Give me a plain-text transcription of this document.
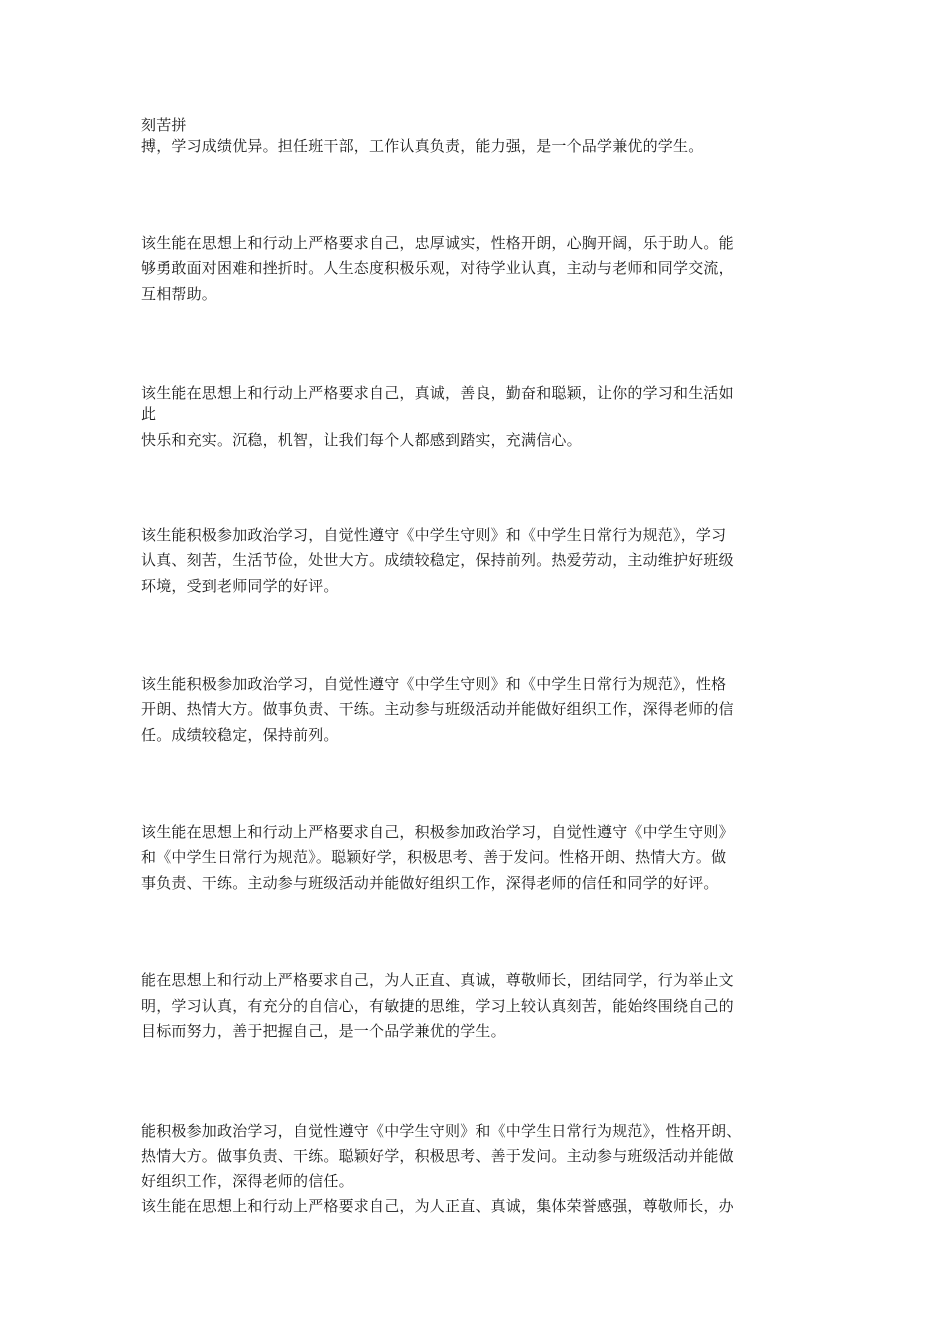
刻苦拼
搏，学习成绩优异。担任班干部，工作认真负责，能力强，是一个品学兼优的学生。
该生能在思想上和行动上严格要求自己，忠厚诚实，性格开朗，心胸开阔，乐于助人。能
够勇敢面对困难和挫折时。人生态度积极乐观，对待学业认真，主动与老师和同学交流，
互相帮助。
该生能在思想上和行动上严格要求自己，真诚，善良，勤奋和聪颖，让你的学习和生活如
此
快乐和充实。沉稳，机智，让我们每个人都感到踏实，充满信心。
该生能积极参加政治学习，自觉性遵守《中学生守则》和《中学生日常行为规范》，学习
认真、刻苦，生活节俭，处世大方。成绩较稳定，保持前列。热爱劳动，主动维护好班级
环境，受到老师同学的好评。
该生能积极参加政治学习，自觉性遵守《中学生守则》和《中学生日常行为规范》，性格
开朗、热情大方。做事负责、干练。主动参与班级活动并能做好组织工作，深得老师的信
任。成绩较稳定，保持前列。
该生能在思想上和行动上严格要求自己，积极参加政治学习，自觉性遵守《中学生守则》
和《中学生日常行为规范》。聪颖好学，积极思考、善于发问。性格开朗、热情大方。做
事负责、干练。主动参与班级活动并能做好组织工作，深得老师的信任和同学的好评。
能在思想上和行动上严格要求自己，为人正直、真诚，尊敬师长，团结同学，行为举止文
明，学习认真，有充分的自信心，有敏捷的思维，学习上较认真刻苦，能始终围绕自己的
目标而努力，善于把握自己，是一个品学兼优的学生。
能积极参加政治学习，自觉性遵守《中学生守则》和《中学生日常行为规范》，性格开朗、
热情大方。做事负责、干练。聪颖好学，积极思考、善于发问。主动参与班级活动并能做
好组织工作，深得老师的信任。
该生能在思想上和行动上严格要求自己，为人正直、真诚，集体荣誉感强，尊敬师长，办
